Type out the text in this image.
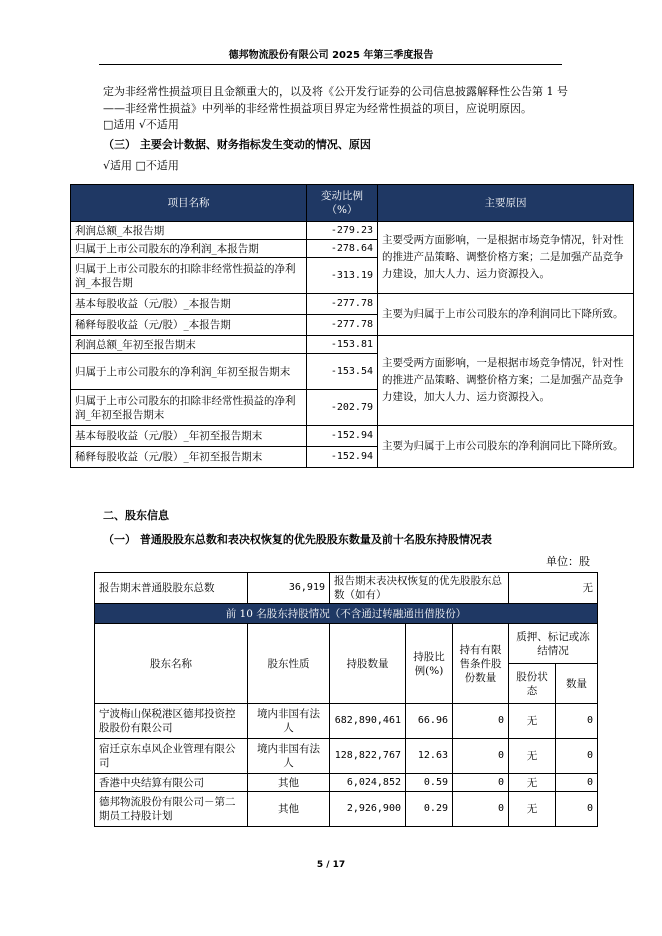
德邦物流股份有限公司 2025 年第三季度报告
定为非经常性损益项目且金额重大的，以及将《公开发行证券的公司信息披露解释性公告第 1 号
——非经常性损益》中列举的非经常性损益项目界定为经常性损益的项目，应说明原因。
□适用 √不适用
（三） 主要会计数据、财务指标发生变动的情况、原因
√适用 □不适用
项目名称	变动比例（%）	主要原因
利润总额_本报告期	-279.23	主要受两方面影响，一是根据市场竞争情况，针对性的推进产品策略、调整价格方案；二是加强产品竞争力建设，加大人力、运力资源投入。
归属于上市公司股东的净利润_本报告期	-278.64	
归属于上市公司股东的扣除非经常性损益的净利润_本报告期	-313.19	
基本每股收益（元/股）_本报告期	-277.78	主要为归属于上市公司股东的净利润同比下降所致。
稀释每股收益（元/股）_本报告期	-277.78	
利润总额_年初至报告期末	-153.81	主要受两方面影响，一是根据市场竞争情况，针对性的推进产品策略、调整价格方案；二是加强产品竞争力建设，加大人力、运力资源投入。
归属于上市公司股东的净利润_年初至报告期末	-153.54	
归属于上市公司股东的扣除非经常性损益的净利润_年初至报告期末	-202.79	
基本每股收益（元/股）_年初至报告期末	-152.94	主要为归属于上市公司股东的净利润同比下降所致。
稀释每股收益（元/股）_年初至报告期末	-152.94	
二、股东信息
（一） 普通股股东总数和表决权恢复的优先股股东数量及前十名股东持股情况表
单位：股
报告期末普通股股东总数	36,919	报告期末表决权恢复的优先股股东总数（如有）			无	
前 10 名股东持股情况（不含通过转融通出借股份）						
股东名称	股东性质	持股数量	持股比例(%)	持有有限售条件股份数量	质押、标记或冻结情况	
					股份状态	数量
宁波梅山保税港区德邦投资控股股份有限公司	境内非国有法人	682,890,461	66.96	0	无	0
宿迁京东卓风企业管理有限公司	境内非国有法人	128,822,767	12.63	0	无	0
香港中央结算有限公司	其他	6,024,852	0.59	0	无	0
德邦物流股份有限公司－第二期员工持股计划	其他	2,926,900	0.29	0	无	0
5 / 17
